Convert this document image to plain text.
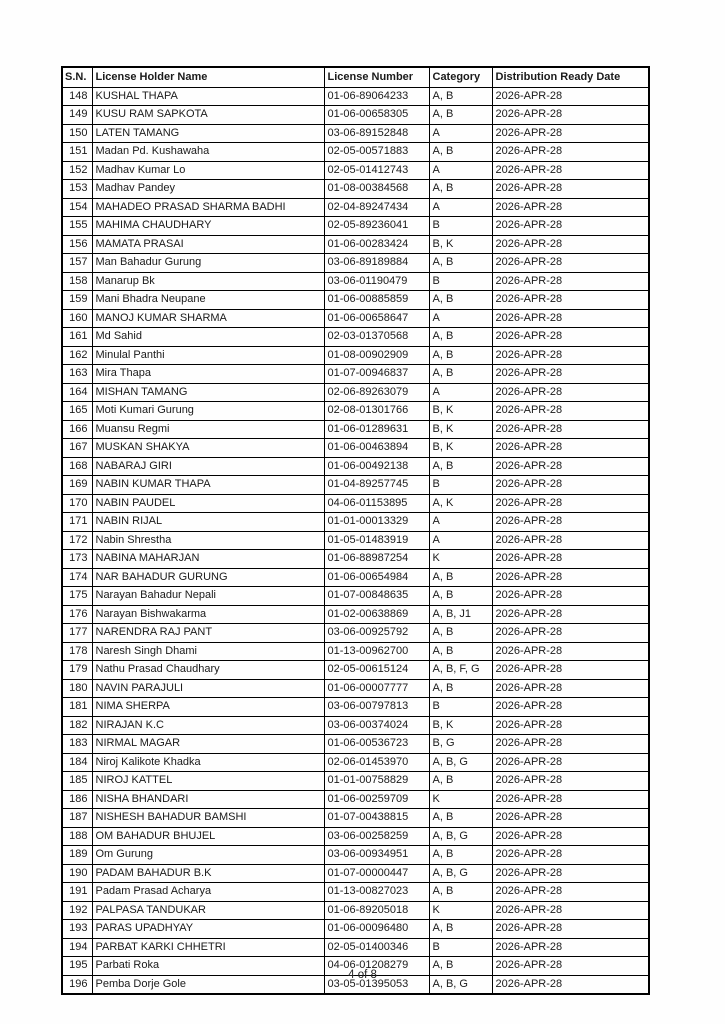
S.N.	License Holder Name	License Number	Category	Distribution Ready Date
148	KUSHAL THAPA	01-06-89064233	A, B	2026-APR-28
149	KUSU RAM SAPKOTA	01-06-00658305	A, B	2026-APR-28
150	LATEN TAMANG	03-06-89152848	A	2026-APR-28
151	Madan Pd. Kushawaha	02-05-00571883	A, B	2026-APR-28
152	Madhav Kumar Lo	02-05-01412743	A	2026-APR-28
153	Madhav Pandey	01-08-00384568	A, B	2026-APR-28
154	MAHADEO PRASAD SHARMA BADHI	02-04-89247434	A	2026-APR-28
155	MAHIMA CHAUDHARY	02-05-89236041	B	2026-APR-28
156	MAMATA PRASAI	01-06-00283424	B, K	2026-APR-28
157	Man Bahadur Gurung	03-06-89189884	A, B	2026-APR-28
158	Manarup Bk	03-06-01190479	B	2026-APR-28
159	Mani Bhadra Neupane	01-06-00885859	A, B	2026-APR-28
160	MANOJ KUMAR SHARMA	01-06-00658647	A	2026-APR-28
161	Md Sahid	02-03-01370568	A, B	2026-APR-28
162	Minulal Panthi	01-08-00902909	A, B	2026-APR-28
163	Mira Thapa	01-07-00946837	A, B	2026-APR-28
164	MISHAN TAMANG	02-06-89263079	A	2026-APR-28
165	Moti Kumari Gurung	02-08-01301766	B, K	2026-APR-28
166	Muansu Regmi	01-06-01289631	B, K	2026-APR-28
167	MUSKAN SHAKYA	01-06-00463894	B, K	2026-APR-28
168	NABARAJ GIRI	01-06-00492138	A, B	2026-APR-28
169	NABIN KUMAR THAPA	01-04-89257745	B	2026-APR-28
170	NABIN PAUDEL	04-06-01153895	A, K	2026-APR-28
171	NABIN RIJAL	01-01-00013329	A	2026-APR-28
172	Nabin Shrestha	01-05-01483919	A	2026-APR-28
173	NABINA MAHARJAN	01-06-88987254	K	2026-APR-28
174	NAR BAHADUR GURUNG	01-06-00654984	A, B	2026-APR-28
175	Narayan Bahadur Nepali	01-07-00848635	A, B	2026-APR-28
176	Narayan Bishwakarma	01-02-00638869	A, B, J1	2026-APR-28
177	NARENDRA RAJ PANT	03-06-00925792	A, B	2026-APR-28
178	Naresh Singh Dhami	01-13-00962700	A, B	2026-APR-28
179	Nathu Prasad Chaudhary	02-05-00615124	A, B, F, G	2026-APR-28
180	NAVIN PARAJULI	01-06-00007777	A, B	2026-APR-28
181	NIMA SHERPA	03-06-00797813	B	2026-APR-28
182	NIRAJAN K.C	03-06-00374024	B, K	2026-APR-28
183	NIRMAL MAGAR	01-06-00536723	B, G	2026-APR-28
184	Niroj Kalikote Khadka	02-06-01453970	A, B, G	2026-APR-28
185	NIROJ KATTEL	01-01-00758829	A, B	2026-APR-28
186	NISHA BHANDARI	01-06-00259709	K	2026-APR-28
187	NISHESH BAHADUR BAMSHI	01-07-00438815	A, B	2026-APR-28
188	OM BAHADUR BHUJEL	03-06-00258259	A, B, G	2026-APR-28
189	Om Gurung	03-06-00934951	A, B	2026-APR-28
190	PADAM BAHADUR B.K	01-07-00000447	A, B, G	2026-APR-28
191	Padam Prasad Acharya	01-13-00827023	A, B	2026-APR-28
192	PALPASA TANDUKAR	01-06-89205018	K	2026-APR-28
193	PARAS UPADHYAY	01-06-00096480	A, B	2026-APR-28
194	PARBAT KARKI CHHETRI	02-05-01400346	B	2026-APR-28
195	Parbati Roka	04-06-01208279	A, B	2026-APR-28
196	Pemba Dorje Gole	03-05-01395053	A, B, G	2026-APR-28
4 of 8
